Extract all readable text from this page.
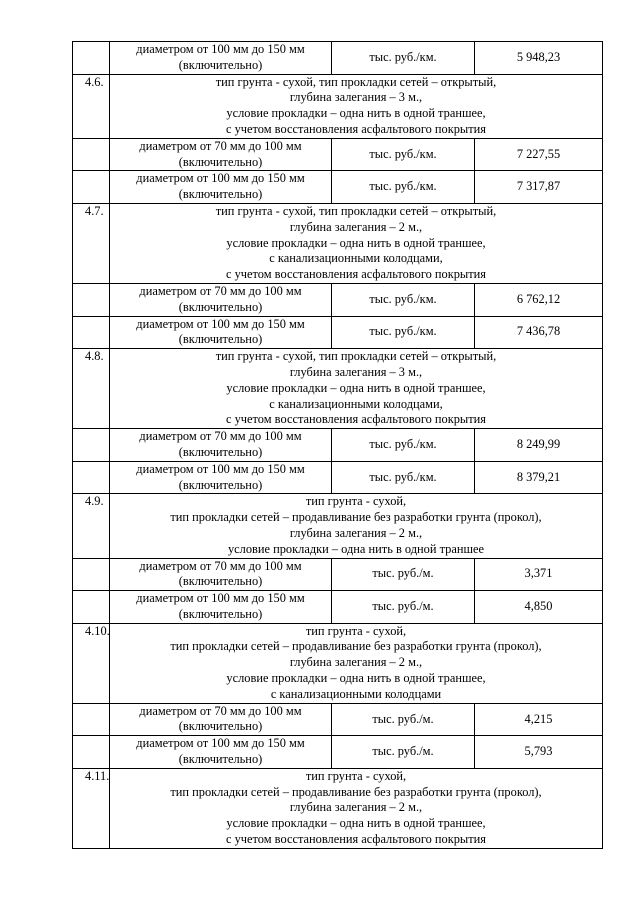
	диаметром от 100 мм до 150 мм
(включительно)	тыс. руб./км.	5 948,23
4.6.	тип грунта - сухой, тип прокладки сетей – открытый,
глубина залегания – 3 м.,
условие прокладки – одна нить в одной траншее,
с учетом восстановления асфальтового покрытия		

	диаметром от 70 мм до 100 мм
(включительно)	тыс. руб./км.	7 227,55

	диаметром от 100 мм до 150 мм
(включительно)	тыс. руб./км.	7 317,87
4.7.	тип грунта - сухой, тип прокладки сетей – открытый,
глубина залегания – 2 м.,
условие прокладки – одна нить в одной траншее,
с канализационными колодцами,
с учетом восстановления асфальтового покрытия		

	диаметром от 70 мм до 100 мм
(включительно)	тыс. руб./км.	6 762,12

	диаметром от 100 мм до 150 мм
(включительно)	тыс. руб./км.	7 436,78
4.8.	тип грунта - сухой, тип прокладки сетей – открытый,
глубина залегания – 3 м.,
условие прокладки – одна нить в одной траншее,
с канализационными колодцами,
с учетом восстановления асфальтового покрытия		

	диаметром от 70 мм до 100 мм
(включительно)	тыс. руб./км.	8 249,99

	диаметром от 100 мм до 150 мм
(включительно)	тыс. руб./км.	8 379,21
4.9.	тип грунта - сухой,
тип прокладки сетей – продавливание без разработки грунта (прокол),
глубина залегания – 2 м.,
условие прокладки – одна нить в одной траншее		

	диаметром от 70 мм до 100 мм
(включительно)	тыс. руб./м.	3,371

	диаметром от 100 мм до 150 мм
(включительно)	тыс. руб./м.	4,850
4.10.	тип грунта - сухой,
тип прокладки сетей – продавливание без разработки грунта (прокол),
глубина залегания – 2 м.,
условие прокладки – одна нить в одной траншее,
с канализационными колодцами		

	диаметром от 70 мм до 100 мм
(включительно)	тыс. руб./м.	4,215

	диаметром от 100 мм до 150 мм
(включительно)	тыс. руб./м.	5,793
4.11.	тип грунта - сухой,
тип прокладки сетей – продавливание без разработки грунта (прокол),
глубина залегания – 2 м.,
условие прокладки – одна нить в одной траншее,
с учетом восстановления асфальтового покрытия		
